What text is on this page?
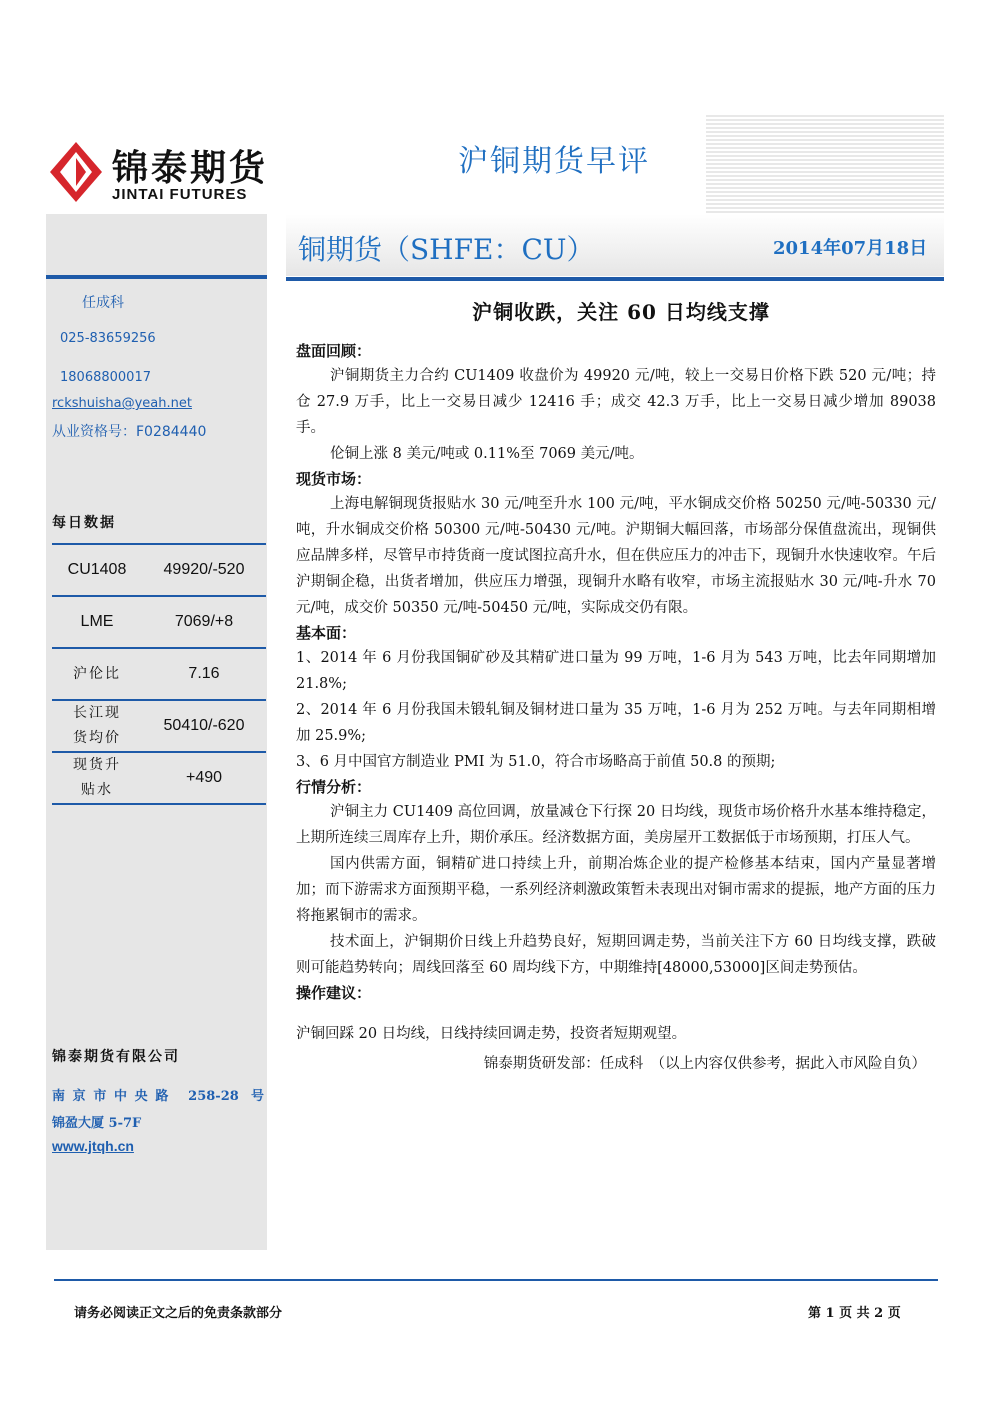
锦泰期货
JINTAI FUTURES
沪铜期货早评
铜期货（SHFE：CU）	2014年07月18日
任成科
025-83659256
18068800017
rckshuisha@yeah.net
从业资格号：F0284440
每日数据
CU1408	49920/-520
LME	7069/+8
沪伦比	7.16

长江现
货均价	50410/-620

现货升
贴水	+490
锦泰期货有限公司
南京市中央路 258-28 号
锦盈大厦 5-7F
www.jtqh.cn
沪铜收跌，关注 60 日均线支撑
盘面回顾：

沪铜期货主力合约 CU1409 收盘价为 49920 元/吨，较上一交易日价格下跌 520 元/吨；持仓 27.9 万手，比上一交易日减少 12416 手；成交 42.3 万手，比上一交易日减少增加 89038 手。

伦铜上涨 8 美元/吨或 0.11%至 7069 美元/吨。

现货市场：

上海电解铜现货报贴水 30 元/吨至升水 100 元/吨，平水铜成交价格 50250 元/吨-50330 元/吨，升水铜成交价格 50300 元/吨-50430 元/吨。沪期铜大幅回落，市场部分保值盘流出，现铜供应品牌多样，尽管早市持货商一度试图拉高升水，但在供应压力的冲击下，现铜升水快速收窄。午后沪期铜企稳，出货者增加，供应压力增强，现铜升水略有收窄，市场主流报贴水 30 元/吨-升水 70 元/吨，成交价 50350 元/吨-50450 元/吨，实际成交仍有限。

基本面：

1、2014 年 6 月份我国铜矿砂及其精矿进口量为 99 万吨，1-6 月为 543 万吨，比去年同期增加 21.8%;

2、2014 年 6 月份我国未锻轧铜及铜材进口量为 35 万吨，1-6 月为 252 万吨。与去年同期相增加 25.9%;

3、6 月中国官方制造业 PMI 为 51.0，符合市场略高于前值 50.8 的预期;

行情分析：

沪铜主力 CU1409 高位回调，放量减仓下行探 20 日均线，现货市场价格升水基本维持稳定，上期所连续三周库存上升，期价承压。经济数据方面，美房屋开工数据低于市场预期，打压人气。

国内供需方面，铜精矿进口持续上升，前期冶炼企业的提产检修基本结束，国内产量显著增加；而下游需求方面预期平稳，一系列经济刺激政策暂未表现出对铜市需求的提振，地产方面的压力将拖累铜市的需求。

技术面上，沪铜期价日线上升趋势良好，短期回调走势，当前关注下方 60 日均线支撑，跌破则可能趋势转向；周线回落至 60 周均线下方，中期维持[48000,53000]区间走势预估。

操作建议：
沪铜回踩 20 日均线，日线持续回调走势，投资者短期观望。
锦泰期货研发部：任成科　（以上内容仅供参考，据此入市风险自负）
请务必阅读正文之后的免责条款部分	第 1 页 共 2 页
